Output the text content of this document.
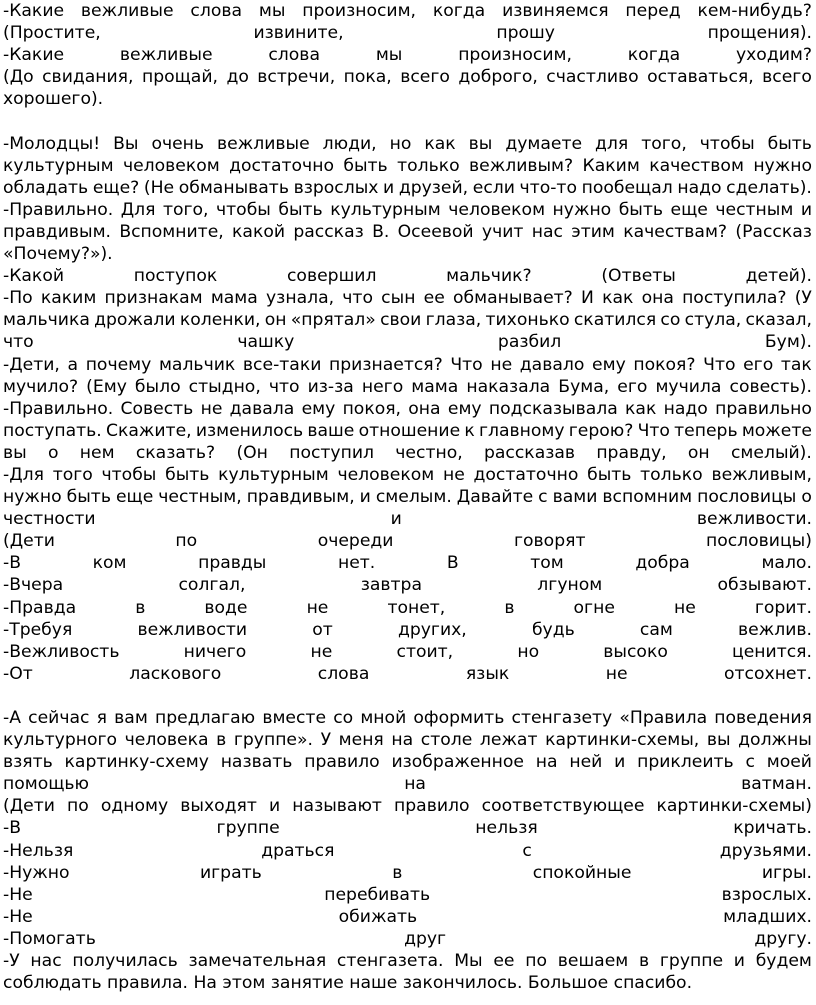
-Какие вежливые слова мы произносим, когда извиняемся перед кем-нибудь?
(Простите,	извините,	прошу	прощения).
-Какие	вежливые	слова	мы	произносим,	когда	уходим?
(До свидания, прощай, до встречи, пока, всего доброго, счастливо оставаться, всего
хорошего).
-Молодцы! Вы очень вежливые люди, но как вы думаете для того, чтобы быть
культурным человеком достаточно быть только вежливым? Каким качеством нужно
обладать еще? (Не обманывать взрослых и друзей, если что-то пообещал надо сделать).
-Правильно. Для того, чтобы быть культурным человеком нужно быть еще честным и
правдивым. Вспомните, какой рассказ В. Осеевой учит нас этим качествам? (Рассказ
«Почему?»).
-Какой	поступок	совершил	мальчик?	(Ответы	детей).
-По каким признакам мама узнала, что сын ее обманывает? И как она поступила? (У
мальчика дрожали коленки, он «прятал» свои глаза, тихонько скатился со стула, сказал,
что	чашку	разбил	Бум).
-Дети, а почему мальчик все-таки признается? Что не давало ему покоя? Что его так
мучило? (Ему было стыдно, что из-за него мама наказала Бума, его мучила совесть).
-Правильно. Совесть не давала ему покоя, она ему подсказывала как надо правильно
поступать. Скажите, изменилось ваше отношение к главному герою? Что теперь можете
вы о нем сказать? (Он поступил честно, рассказав правду, он смелый).
-Для того чтобы быть культурным человеком не достаточно быть только вежливым,
нужно быть еще честным, правдивым, и смелым. Давайте с вами вспомним пословицы о
честности	и	вежливости.
(Дети	по	очереди	говорят	пословицы)
-В	ком	правды	нет.	В	том	добра	мало.
-Вчера	солгал,	завтра	лгуном	обзывают.
-Правда	в	воде	не	тонет,	в	огне	не	горит.
-Требуя	вежливости	от	других,	будь	сам	вежлив.
-Вежливость	ничего	не	стоит,	но	высоко	ценится.
-От	ласкового	слова	язык	не	отсохнет.
-А сейчас я вам предлагаю вместе со мной оформить стенгазету «Правила поведения
культурного человека в группе». У меня на столе лежат картинки-схемы, вы должны
взять картинку-схему назвать правило изображенное на ней и приклеить с моей
помощью	на	ватман.
(Дети по одному выходят и называют правило соответствующее картинки-схемы)
-В	группе	нельзя	кричать.
-Нельзя	драться	с	друзьями.
-Нужно	играть	в	спокойные	игры.
-Не	перебивать	взрослых.
-Не	обижать	младших.
-Помогать	друг	другу.
-У нас получилась замечательная стенгазета. Мы ее по вешаем в группе и будем
соблюдать правила. На этом занятие наше закончилось. Большое спасибо.
